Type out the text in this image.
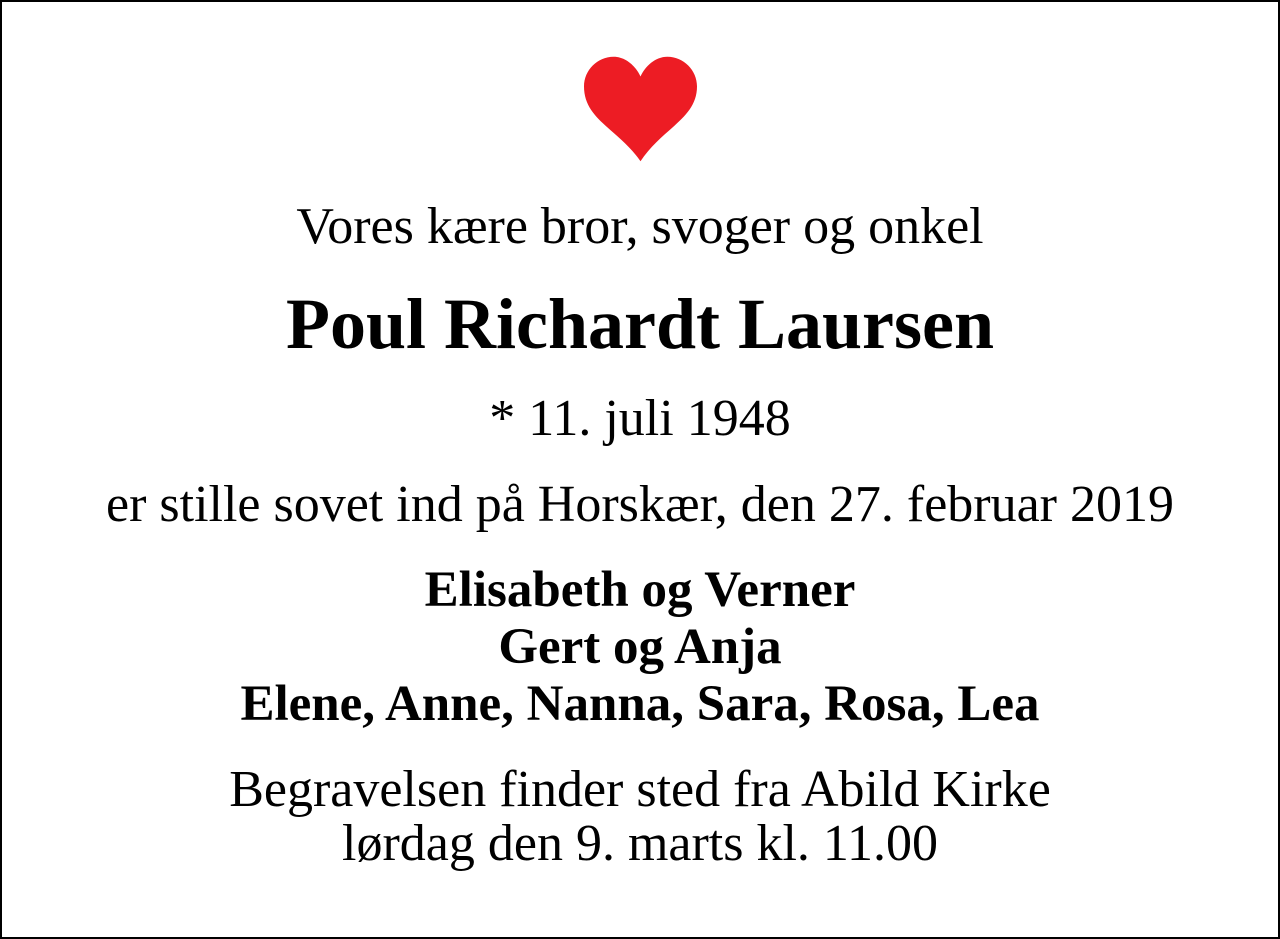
Vores kære bror, svoger og onkel
Poul Richardt Laursen
* 11. juli 1948
er stille sovet ind på Horskær, den 27. februar 2019
Elisabeth og Verner
Gert og Anja
Elene, Anne, Nanna, Sara, Rosa, Lea
Begravelsen finder sted fra Abild Kirke
lørdag den 9. marts kl. 11.00
